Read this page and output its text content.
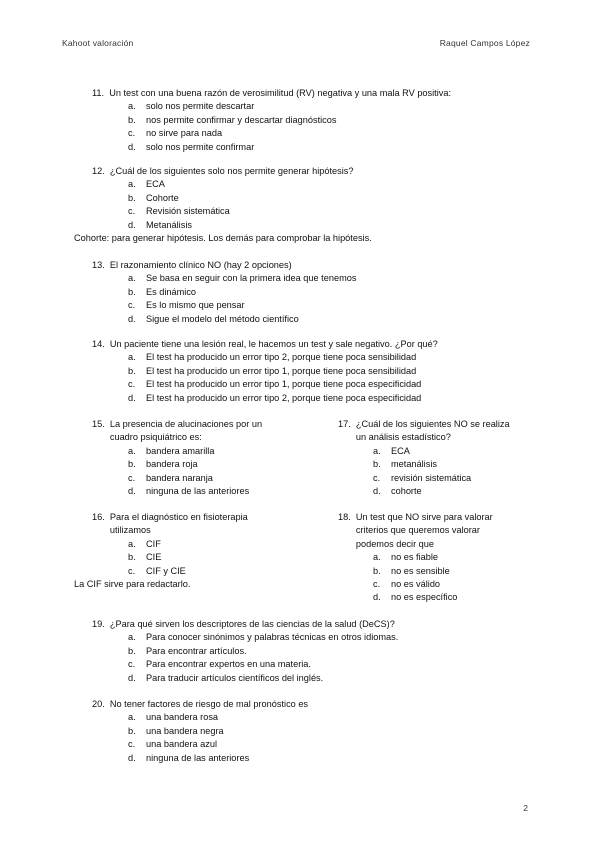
Kahoot valoración	Raquel Campos López
11.  Un test con una buena razón de verosimilitud (RV) negativa y una mala RV positiva:
a. solo nos permite descartar
b. nos permite confirmar y descartar diagnósticos
c. no sirve para nada
d. solo nos permite confirmar
12.  ¿Cuál de los siguientes solo nos permite generar hipótesis?
a. ECA
b. Cohorte
c. Revisión sistemática
d. Metanálisis
Cohorte: para generar hipótesis. Los demás para comprobar la hipótesis.
13.  El razonamiento clínico NO (hay 2 opciones)
a. Se basa en seguir con la primera idea que tenemos
b. Es dinámico
c. Es lo mismo que pensar
d. Sigue el modelo del método científico
14.  Un paciente tiene una lesión real, le hacemos un test y sale negativo. ¿Por qué?
a. El test ha producido un error tipo 2, porque tiene poca sensibilidad
b. El test ha producido un error tipo 1, porque tiene poca sensibilidad
c. El test ha producido un error tipo 1, porque tiene poca especificidad
d. El test ha producido un error tipo 2, porque tiene poca especificidad
15.  La presencia de alucinaciones por un
cuadro psiquiátrico es:
a. bandera amarilla
b. bandera roja
c. bandera naranja
d. ninguna de las anteriores
16.  Para el diagnóstico en fisioterapia
utilizamos
a. CIF
b. CIE
c. CIF y CIE
La CIF sirve para redactarlo.
17.  ¿Cuál de los siguientes NO se realiza
un análisis estadístico?
a. ECA
b. metanálisis
c. revisión sistemática
d. cohorte
18.  Un test que NO sirve para valorar
criterios que queremos valorar
podemos decir que
a. no es fiable
b. no es sensible
c. no es válido
d. no es específico
19.  ¿Para qué sirven los descriptores de las ciencias de la salud (DeCS)?
a. Para conocer sinónimos y palabras técnicas en otros idiomas.
b. Para encontrar artículos.
c. Para encontrar expertos en una materia.
d. Para traducir artículos científicos del inglés.
20.  No tener factores de riesgo de mal pronóstico es
a. una bandera rosa
b. una bandera negra
c. una bandera azul
d. ninguna de las anteriores
2
